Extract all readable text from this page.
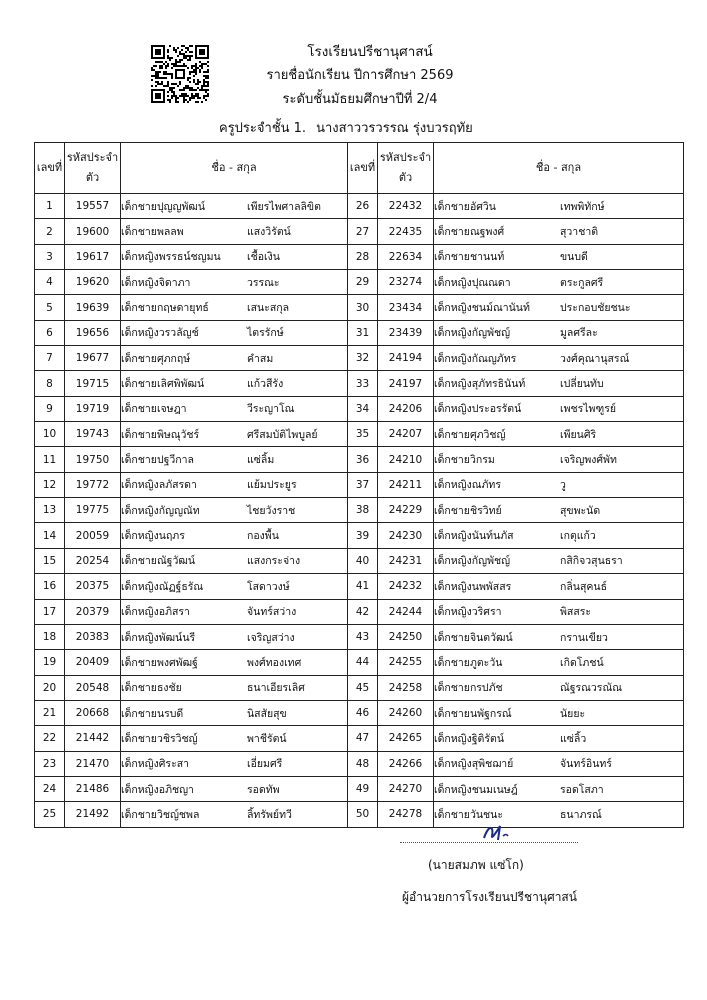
โรงเรียนปรีชานุศาสน์
รายชื่อนักเรียน ปีการศึกษา 2569
ระดับชั้นมัธยมศึกษาปีที่ 2/4
ครูประจำชั้น 1. นางสาววรวรรณ รุ่งบวรฤทัย
เลขที่	รหัสประจำตัว	ชื่อ - สกุล	เลขที่	รหัสประจำตัว	ชื่อ - สกุล
1	19557	เด็กชายปุญญพัฒน์ เพียรไพศาลลิขิต	26	22432	เด็กชายอัศวิน เทพพิทักษ์
2	19600	เด็กชายพลลพ แสงวิรัตน์	27	22435	เด็กชายณฐพงศ์ สุวาชาติ
3	19617	เด็กหญิงพรรธน์ชญมน เชื้อเงิน	28	22634	เด็กชายชานนท์ ขนบดี
4	19620	เด็กหญิงจิดาภา วรรณะ	29	23274	เด็กหญิงปุณณดา ตระกูลศรี
5	19639	เด็กชายกฤษดายุทธ์ เสนะสกุล	30	23434	เด็กหญิงชนม์ณานันท์ ประกอบชัยชนะ
6	19656	เด็กหญิงวรวลัญช์ ไตรรักษ์	31	23439	เด็กหญิงกัญพัชญ์ มูลศรีละ
7	19677	เด็กชายศุภกฤษ์ คำสม	32	24194	เด็กหญิงกัณญภัทร วงศ์คุณานุสรณ์
8	19715	เด็กชายเลิศพิพัฒน์ แก้วสีรัง	33	24197	เด็กหญิงสุภัทรธินันท์ เปลี่ยนทับ
9	19719	เด็กชายเจษฎา วีระญาโณ	34	24206	เด็กหญิงประอรรัตน์ เพชรไพฑูรย์
10	19743	เด็กชายพิษณุวัชร์ ศรีสมบัติไพบูลย์	35	24207	เด็กชายศุภวิชญ์ เพียนศิริ
11	19750	เด็กชายปฐวีกาล แซ่ลิ้ม	36	24210	เด็กชายวิกรม เจริญพงศ์พัท
12	19772	เด็กหญิงลภัสรดา แย้มประยูร	37	24211	เด็กหญิงณภัทร วู
13	19775	เด็กหญิงกัญญณัท ไชยวังราช	38	24229	เด็กชายชิรวิทย์ สุขพะนัด
14	20059	เด็กหญิงนฤภร กองพื้น	39	24230	เด็กหญิงนันท์นภัส เกตุแก้ว
15	20254	เด็กชายณัฐวัฒน์ แสงกระจ่าง	40	24231	เด็กหญิงกัญพัชญ์ กสิกิจวสุนธรา
16	20375	เด็กหญิงณัฏฐ์ธรัณ โสดาวงษ์	41	24232	เด็กหญิงนพพัสสร กลิ่นสุคนธ์
17	20379	เด็กหญิงอภิสรา จันทร์สว่าง	42	24244	เด็กหญิงวริศรา พิสสระ
18	20383	เด็กหญิงพัฒน์นรี เจริญสว่าง	43	24250	เด็กชายจินตวัฒน์ กรานเขียว
19	20409	เด็กชายพงศพัฒฐ์ พงศ์ทองเทศ	44	24255	เด็กชายภูตะวัน เกิดโภชน์
20	20548	เด็กชายธงชัย ธนาเอียรเลิศ	45	24258	เด็กชายกรปภัช ณัฐรณวรณัณ
21	20668	เด็กชายนรบดี นิสสัยสุข	46	24260	เด็กชายนพัฐกรณ์ นัยยะ
22	21442	เด็กชายวชิรวิชญ์ พาชีรัตน์	47	24265	เด็กหญิงฐิติรัตน์ แซ่ลิ้ว
23	21470	เด็กหญิงศิระสา เอี่ยมศรี	48	24266	เด็กหญิงสุพิชฌาย์ จันทร์อินทร์
24	21486	เด็กหญิงอภิชญา รอดทัพ	49	24270	เด็กหญิงชนมเนษฎ์ รอดโสภา
25	21492	เด็กชายวิชญ์ชพล ลิ้ทรัพย์ทวี	50	24278	เด็กชายวันชนะ ธนาภรณ์
(นายสมภพ แซ่โก)
ผู้อำนวยการโรงเรียนปรีชานุศาสน์
